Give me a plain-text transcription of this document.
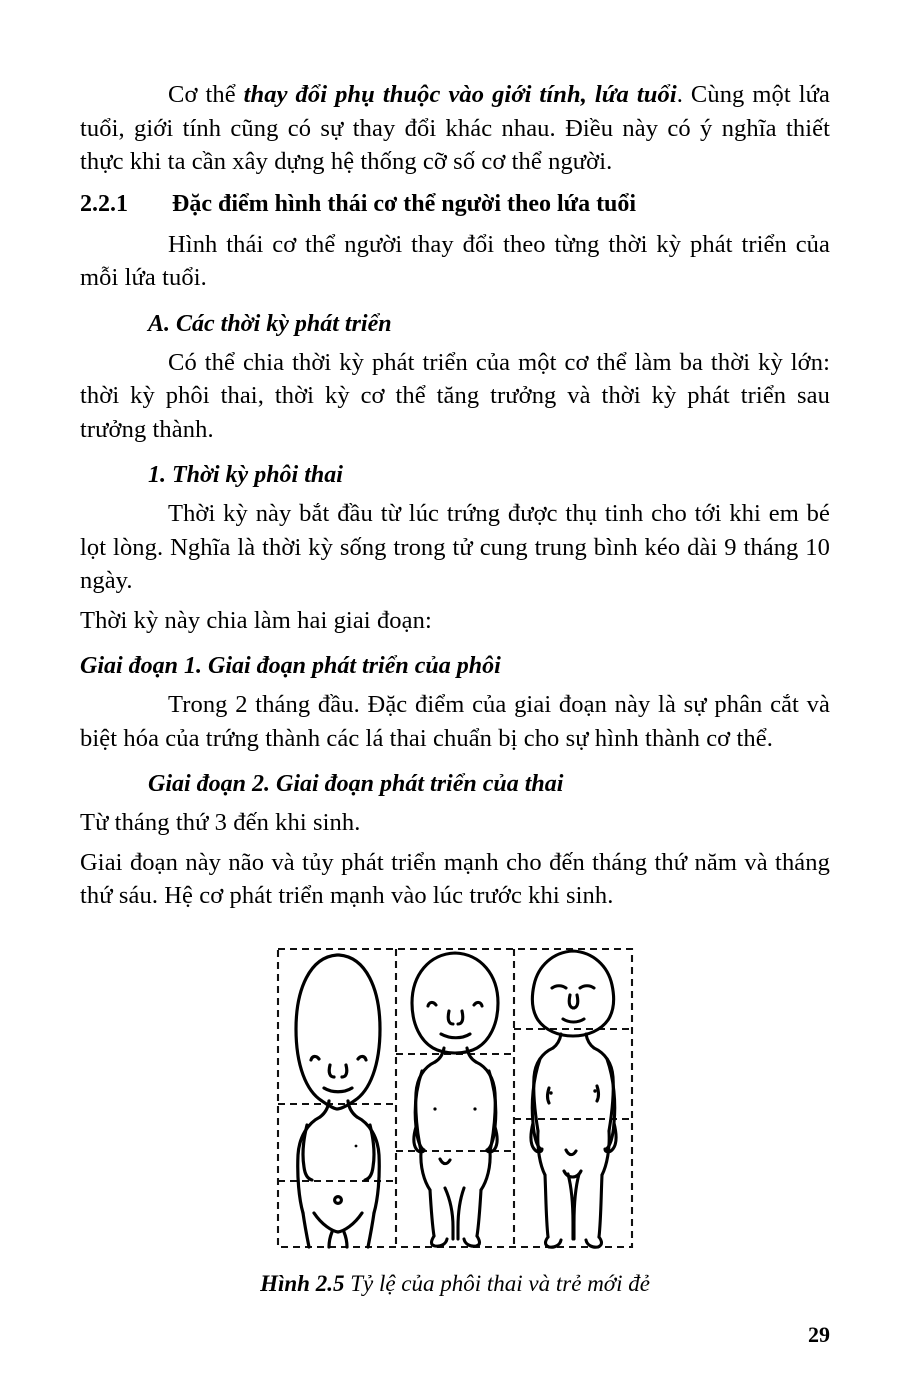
Cơ thể thay đổi phụ thuộc vào giới tính, lứa tuổi. Cùng một lứa tuổi, giới tính cũng có sự thay đổi khác nhau. Điều này có ý nghĩa thiết thực khi ta cần xây dựng hệ thống cỡ số cơ thể người.

2.2.1	Đặc điểm hình thái cơ thể người theo lứa tuổi

Hình thái cơ thể người thay đổi theo từng thời kỳ phát triển của mỗi lứa tuổi.

A. Các thời kỳ phát triển

Có thể chia thời kỳ phát triển của một cơ thể làm ba thời kỳ lớn: thời kỳ phôi thai, thời kỳ cơ thể tăng trưởng và thời kỳ phát triển sau trưởng thành.

1. Thời kỳ phôi thai

Thời kỳ này bắt đầu từ lúc trứng được thụ tinh cho tới khi em bé lọt lòng. Nghĩa là thời kỳ sống trong tử cung trung bình kéo dài 9 tháng 10 ngày.

Thời kỳ này chia làm hai giai đoạn:

Giai đoạn 1. Giai đoạn phát triển của phôi

Trong 2 tháng đầu. Đặc điểm của giai đoạn này là sự phân cắt và biệt hóa của trứng thành các lá thai chuẩn bị cho sự hình thành cơ thể.

Giai đoạn 2. Giai đoạn phát triển của thai

Từ tháng thứ 3 đến khi sinh.

Giai đoạn này não và tủy phát triển mạnh cho đến tháng thứ năm và tháng thứ sáu. Hệ cơ phát triển mạnh vào lúc trước khi sinh.

Hình 2.5 Tỷ lệ của phôi thai và trẻ mới đẻ
29
